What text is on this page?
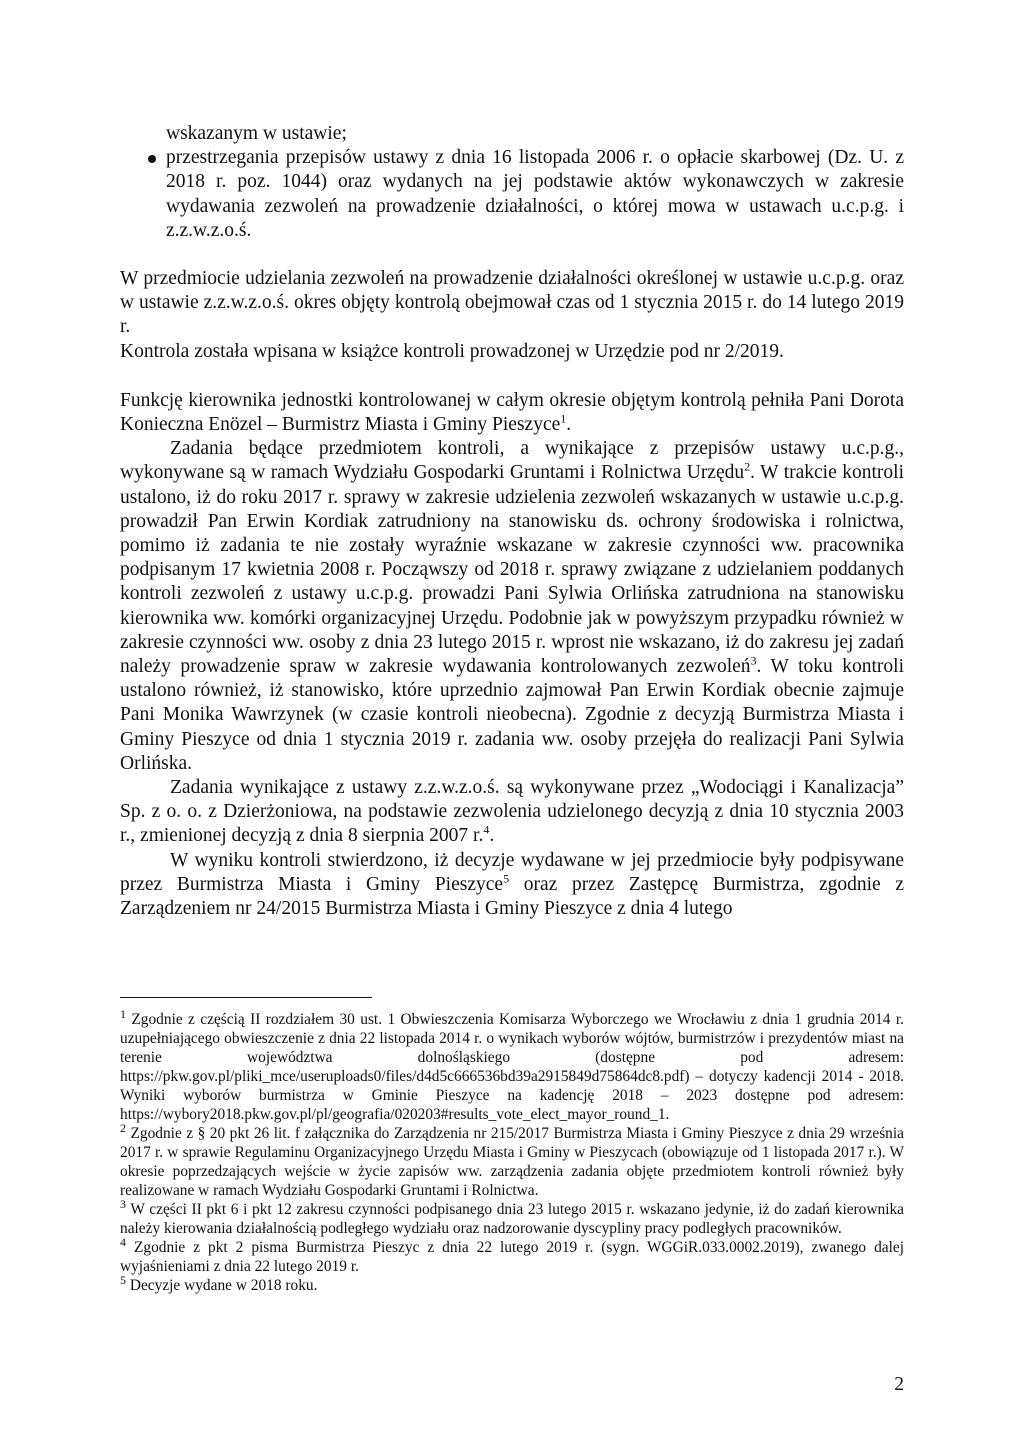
wskazanym w ustawie;
przestrzegania przepisów ustawy z dnia 16 listopada 2006 r. o opłacie skarbowej (Dz. U. z 2018 r. poz. 1044) oraz wydanych na jej podstawie aktów wykonawczych w zakresie wydawania zezwoleń na prowadzenie działalności, o której mowa w ustawach u.c.p.g. i z.z.w.z.o.ś.

W przedmiocie udzielania zezwoleń na prowadzenie działalności określonej w ustawie u.c.p.g. oraz w ustawie z.z.w.z.o.ś. okres objęty kontrolą obejmował czas od 1 stycznia 2015 r. do 14 lutego 2019 r.

Kontrola została wpisana w książce kontroli prowadzonej w Urzędzie pod nr 2/2019.

Funkcję kierownika jednostki kontrolowanej w całym okresie objętym kontrolą pełniła Pani Dorota Konieczna Enözel – Burmistrz Miasta i Gminy Pieszyce$^1$.

Zadania będące przedmiotem kontroli, a wynikające z przepisów ustawy u.c.p.g., wykonywane są w ramach Wydziału Gospodarki Gruntami i Rolnictwa Urzędu$^2$. W trakcie kontroli ustalono, iż do roku 2017 r. sprawy w zakresie udzielenia zezwoleń wskazanych w ustawie u.c.p.g. prowadził Pan Erwin Kordiak zatrudniony na stanowisku ds. ochrony środowiska i rolnictwa, pomimo iż zadania te nie zostały wyraźnie wskazane w zakresie czynności ww. pracownika podpisanym 17 kwietnia 2008 r. Począwszy od 2018 r. sprawy związane z udzielaniem poddanych kontroli zezwoleń z ustawy u.c.p.g. prowadzi Pani Sylwia Orlińska zatrudniona na stanowisku kierownika ww. komórki organizacyjnej Urzędu. Podobnie jak w powyższym przypadku również w zakresie czynności ww. osoby z dnia 23 lutego 2015 r. wprost nie wskazano, iż do zakresu jej zadań należy prowadzenie spraw w zakresie wydawania kontrolowanych zezwoleń$^3$. W toku kontroli ustalono również, iż stanowisko, które uprzednio zajmował Pan Erwin Kordiak obecnie zajmuje Pani Monika Wawrzynek (w czasie kontroli nieobecna). Zgodnie z decyzją Burmistrza Miasta i Gminy Pieszyce od dnia 1 stycznia 2019 r. zadania ww. osoby przejęła do realizacji Pani Sylwia Orlińska.

Zadania wynikające z ustawy z.z.w.z.o.ś. są wykonywane przez „Wodociągi i Kanalizacja” Sp. z o. o. z Dzierżoniowa, na podstawie zezwolenia udzielonego decyzją z dnia 10 stycznia 2003 r., zmienionej decyzją z dnia 8 sierpnia 2007 r.$^4$.

W wyniku kontroli stwierdzono, iż decyzje wydawane w jej przedmiocie były podpisywane przez Burmistrza Miasta i Gminy Pieszyce$^5$ oraz przez Zastępcę Burmistrza, zgodnie z Zarządzeniem nr 24/2015 Burmistrza Miasta i Gminy Pieszyce z dnia 4 lutego

$^1$ Zgodnie z częścią II rozdziałem 30 ust. 1 Obwieszczenia Komisarza Wyborczego we Wrocławiu z dnia 1 grudnia 2014 r. uzupełniającego obwieszczenie z dnia 22 listopada 2014 r. o wynikach wyborów wójtów, burmistrzów i prezydentów miast na terenie województwa dolnośląskiego (dostępne pod adresem: https://pkw.gov.pl/pliki_mce/useruploads0/files/d4d5c666536bd39a2915849d75864dc8.pdf) – dotyczy kadencji 2014 - 2018. Wyniki wyborów burmistrza w Gminie Pieszyce na kadencję 2018 – 2023 dostępne pod adresem: https://wybory2018.pkw.gov.pl/pl/geografia/020203#results_vote_elect_mayor_round_1.

$^2$ Zgodnie z § 20 pkt 26 lit. f załącznika do Zarządzenia nr 215/2017 Burmistrza Miasta i Gminy Pieszyce z dnia 29 września 2017 r. w sprawie Regulaminu Organizacyjnego Urzędu Miasta i Gminy w Pieszycach (obowiązuje od 1 listopada 2017 r.). W okresie poprzedzających wejście w życie zapisów ww. zarządzenia zadania objęte przedmiotem kontroli również były realizowane w ramach Wydziału Gospodarki Gruntami i Rolnictwa.

$^3$ W części II pkt 6 i pkt 12 zakresu czynności podpisanego dnia 23 lutego 2015 r. wskazano jedynie, iż do zadań kierownika należy kierowania działalnością podległego wydziału oraz nadzorowanie dyscypliny pracy podległych pracowników.

$^4$ Zgodnie z pkt 2 pisma Burmistrza Pieszyc z dnia 22 lutego 2019 r. (sygn. WGGiR.033.0002.2019), zwanego dalej wyjaśnieniami z dnia 22 lutego 2019 r.

$^5$ Decyzje wydane w 2018 roku.

2
